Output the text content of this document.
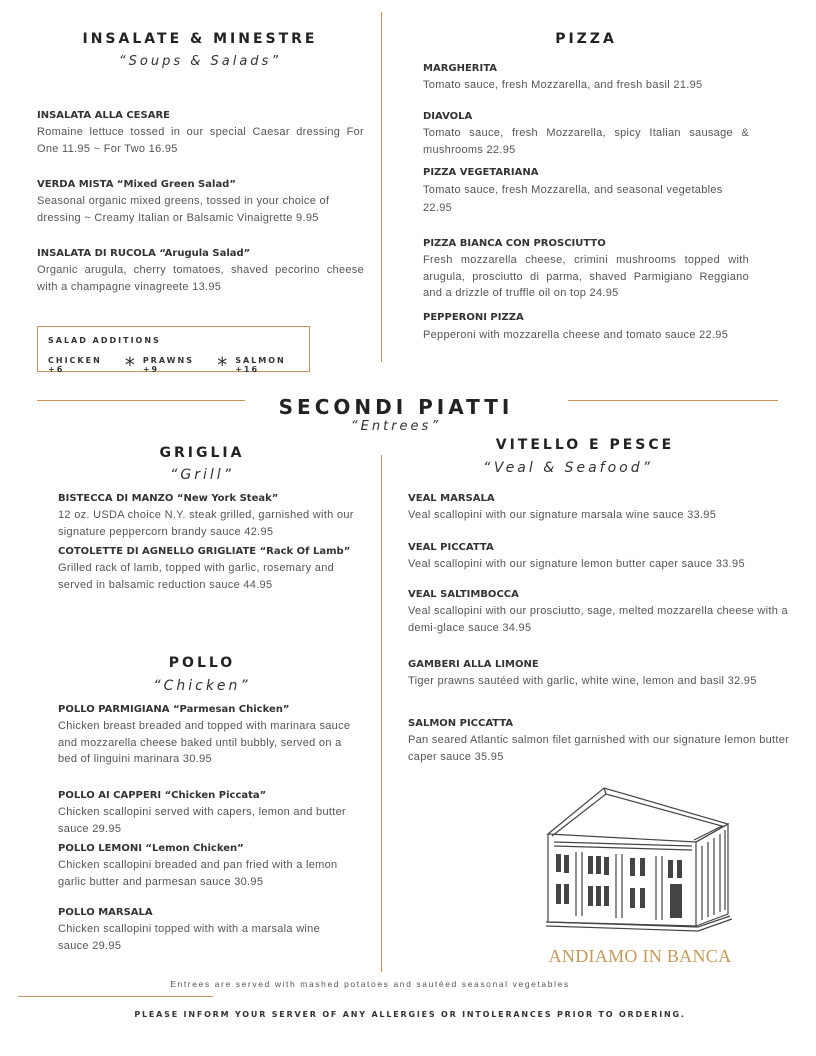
INSALATE & MINESTRE
“Soups & Salads”
INSALATA ALLA CESARE
Romaine lettuce tossed in our special Caesar dressing For One 11.95 ~ For Two 16.95
VERDA MISTA “Mixed Green Salad”
Seasonal organic mixed greens, tossed in your choice of dressing ~ Creamy Italian or Balsamic Vinaigrette 9.95
INSALATA DI RUCOLA “Arugula Salad”
Organic arugula, cherry tomatoes, shaved pecorino cheese with a champagne vinagreete 13.95
SALAD ADDITIONS
CHICKEN +6	* PRAWNS +9	* SALMON +16
PIZZA
MARGHERITA
Tomato sauce, fresh Mozzarella, and fresh basil 21.95
DIAVOLA
Tomato sauce, fresh Mozzarella, spicy Italian sausage & mushrooms 22.95
PIZZA VEGETARIANA
Tomato sauce, fresh Mozzarella, and seasonal vegetables 22.95
PIZZA BIANCA CON PROSCIUTTO
Fresh mozzarella cheese, crimini mushrooms topped with arugula, prosciutto di parma, shaved Parmigiano Reggiano and a drizzle of truffle oil on top 24.95
PEPPERONI PIZZA
Pepperoni with mozzarella cheese and tomato sauce 22.95
SECONDI PIATTI
“Entrees”
GRIGLIA
“Grill”
BISTECCA DI MANZO “New York Steak”
12 oz. USDA choice N.Y. steak grilled, garnished with our signature peppercorn brandy sauce 42.95
COTOLETTE DI AGNELLO GRIGLIATE “Rack Of Lamb”
Grilled rack of lamb, topped with garlic, rosemary and served in balsamic reduction sauce 44.95
POLLO
“Chicken”
POLLO PARMIGIANA “Parmesan Chicken”
Chicken breast breaded and topped with marinara sauce and mozzarella cheese baked until bubbly, served on a bed of linguini marinara 30.95
POLLO AI CAPPERI “Chicken Piccata”
Chicken scallopini served with capers, lemon and butter sauce 29.95
POLLO LEMONI “Lemon Chicken”
Chicken scallopini breaded and pan fried with a lemon garlic butter and parmesan sauce 30.95
POLLO MARSALA
Chicken scallopini topped with with a marsala wine sauce 29.95
VITELLO E PESCE
“Veal & Seafood”
VEAL MARSALA
Veal scallopini with our signature marsala wine sauce 33.95
VEAL PICCATTA
Veal scallopini with our signature lemon butter caper sauce 33.95
VEAL SALTIMBOCCA
Veal scallopini with our prosciutto, sage, melted mozzarella cheese with a demi-glace sauce 34.95
GAMBERI ALLA LIMONE
Tiger prawns sautéed with garlic, white wine, lemon and basil 32.95
SALMON PICCATTA
Pan seared Atlantic salmon filet garnished with our signature lemon butter caper sauce 35.95
ANDIAMO IN BANCA
Entrees are served with mashed potatoes and sautéed seasonal vegetables
PLEASE INFORM YOUR SERVER OF ANY ALLERGIES OR INTOLERANCES PRIOR TO ORDERING.
